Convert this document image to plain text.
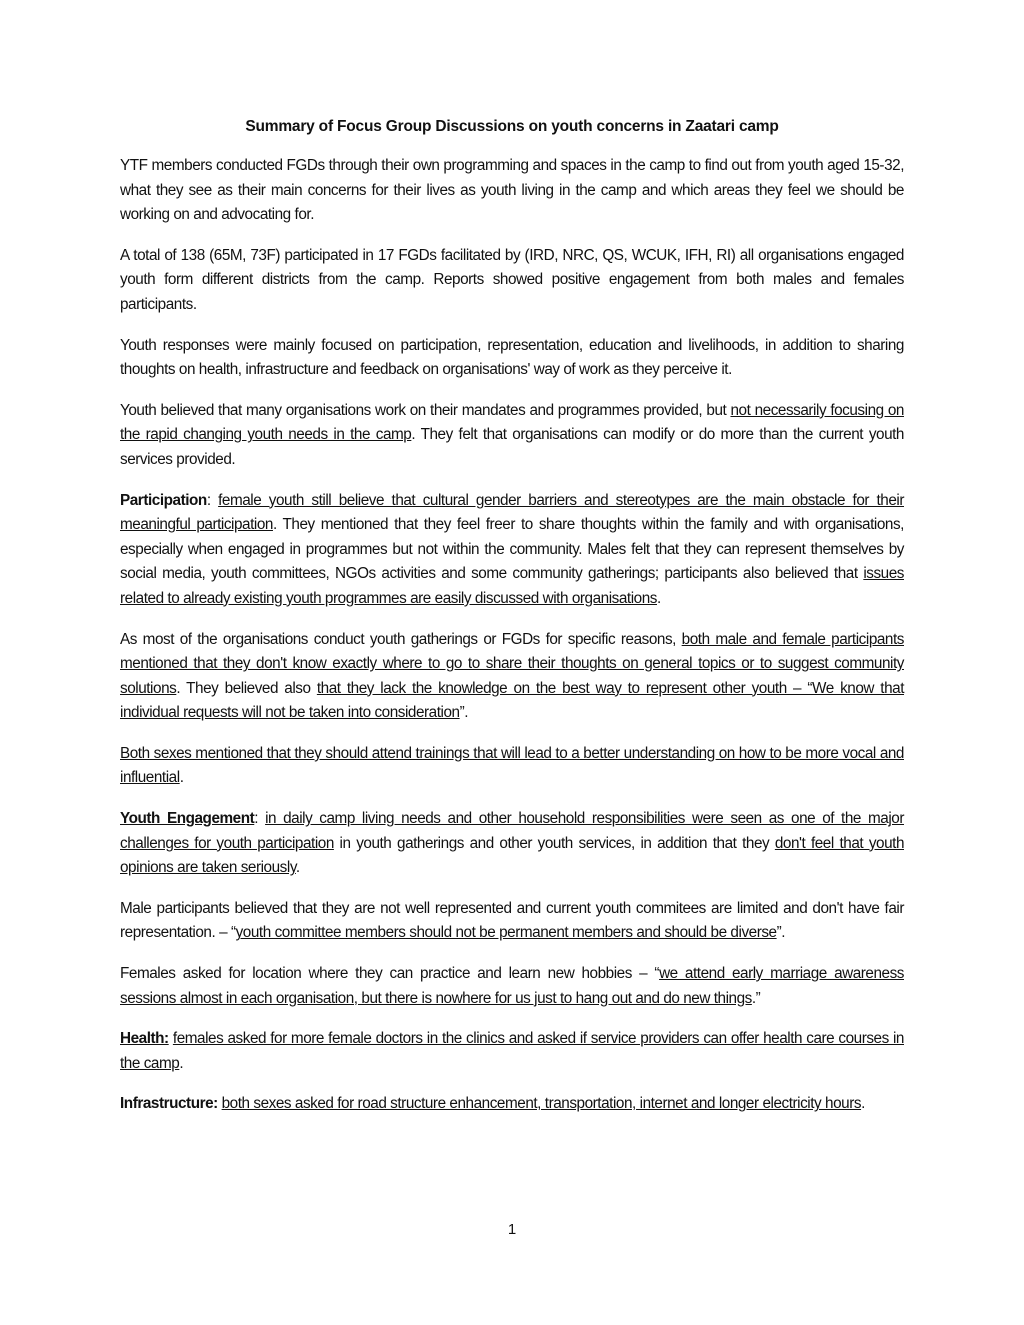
Summary of Focus Group Discussions on youth concerns in Zaatari camp

YTF members conducted FGDs through their own programming and spaces in the camp to find out from youth aged 15-32, what they see as their main concerns for their lives as youth living in the camp and which areas they feel we should be working on and advocating for.

A total of 138 (65M, 73F) participated in 17 FGDs facilitated by (IRD, NRC, QS, WCUK, IFH, RI) all organisations engaged youth form different districts from the camp. Reports showed positive engagement from both males and females participants.

Youth responses were mainly focused on participation, representation, education and livelihoods, in addition to sharing thoughts on health, infrastructure and feedback on organisations' way of work as they perceive it.

Youth believed that many organisations work on their mandates and programmes provided, but not necessarily focusing on the rapid changing youth needs in the camp. They felt that organisations can modify or do more than the current youth services provided.

Participation: female youth still believe that cultural gender barriers and stereotypes are the main obstacle for their meaningful participation. They mentioned that they feel freer to share thoughts within the family and with organisations, especially when engaged in programmes but not within the community. Males felt that they can represent themselves by social media, youth committees, NGOs activities and some community gatherings; participants also believed that issues related to already existing youth programmes are easily discussed with organisations.

As most of the organisations conduct youth gatherings or FGDs for specific reasons, both male and female participants mentioned that they don't know exactly where to go to share their thoughts on general topics or to suggest community solutions. They believed also that they lack the knowledge on the best way to represent other youth – “We know that individual requests will not be taken into consideration”.

Both sexes mentioned that they should attend trainings that will lead to a better understanding on how to be more vocal and influential.

Youth Engagement: in daily camp living needs and other household responsibilities were seen as one of the major challenges for youth participation in youth gatherings and other youth services, in addition that they don't feel that youth opinions are taken seriously.

Male participants believed that they are not well represented and current youth commitees are limited and don't have fair representation. – “youth committee members should not be permanent members and should be diverse”.

Females asked for location where they can practice and learn new hobbies – “we attend early marriage awareness sessions almost in each organisation, but there is nowhere for us just to hang out and do new things.”

Health: females asked for more female doctors in the clinics and asked if service providers can offer health care courses in the camp.

Infrastructure: both sexes asked for road structure enhancement, transportation, internet and longer electricity hours.

1
